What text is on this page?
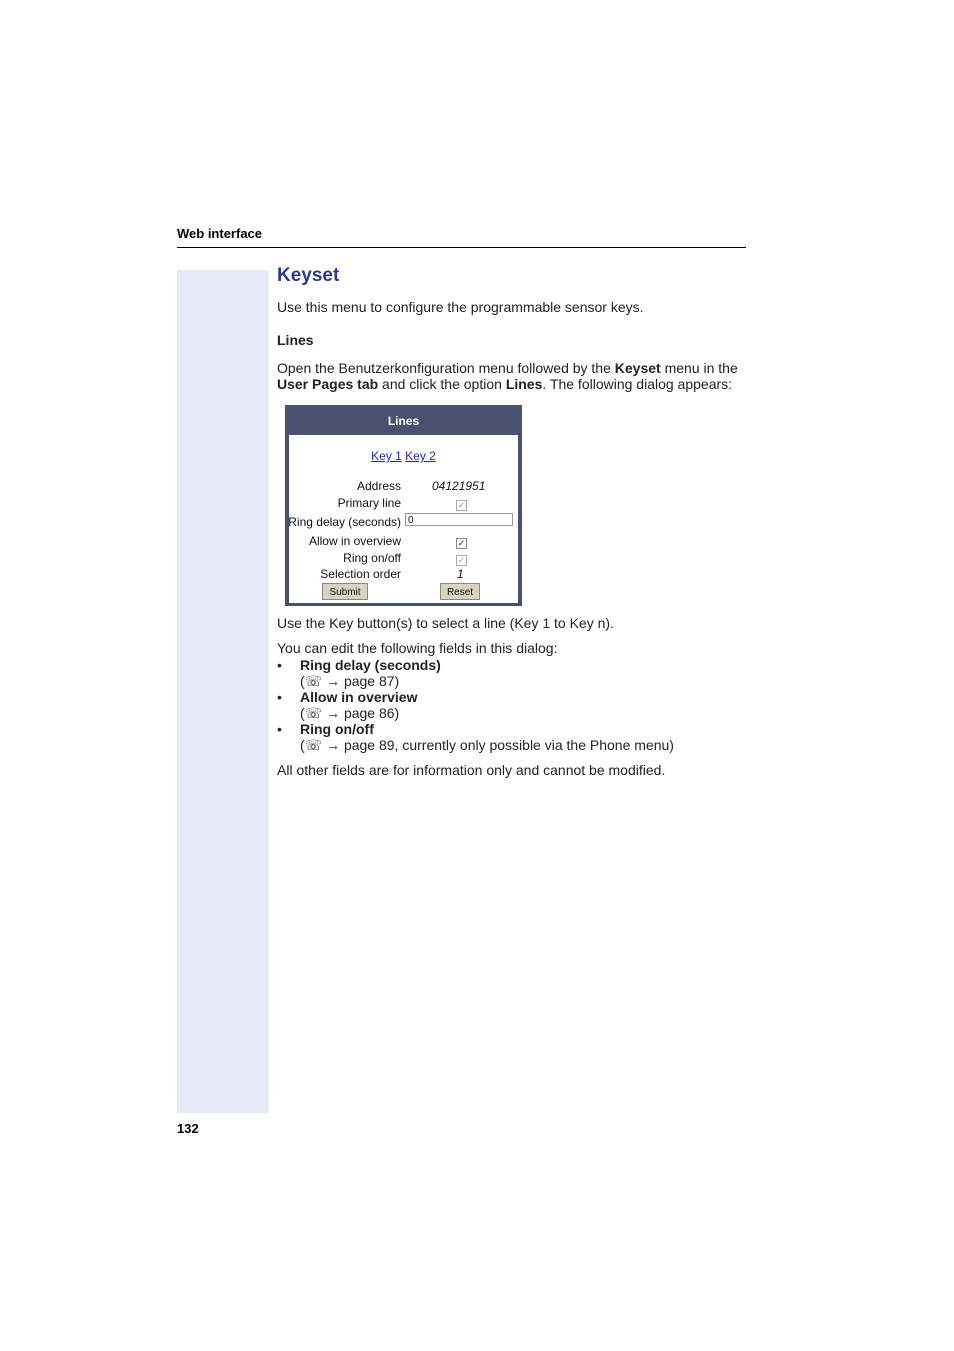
Web interface
132
Keyset

Use this menu to configure the programmable sensor keys.

Lines

Open the Benutzerkonfiguration menu followed by the Keyset menu in the User Pages tab and click the option Lines. The following dialog appears:

Use the Key button(s) to select a line (Key 1 to Key n).

You can edit the following fields in this dialog:

• Ring delay (seconds)
(☏ → page 87)
• Allow in overview
(☏ → page 86)
• Ring on/off
(☏ → page 89, currently only possible via the Phone menu)

All other fields are for information only and cannot be modified.

Lines
Key 1 Key 2
Address	04121951
Primary line	✓
Ring delay (seconds) 0
Allow in overview	✓
Ring on/off	✓
Selection order	1
Submit	Reset
